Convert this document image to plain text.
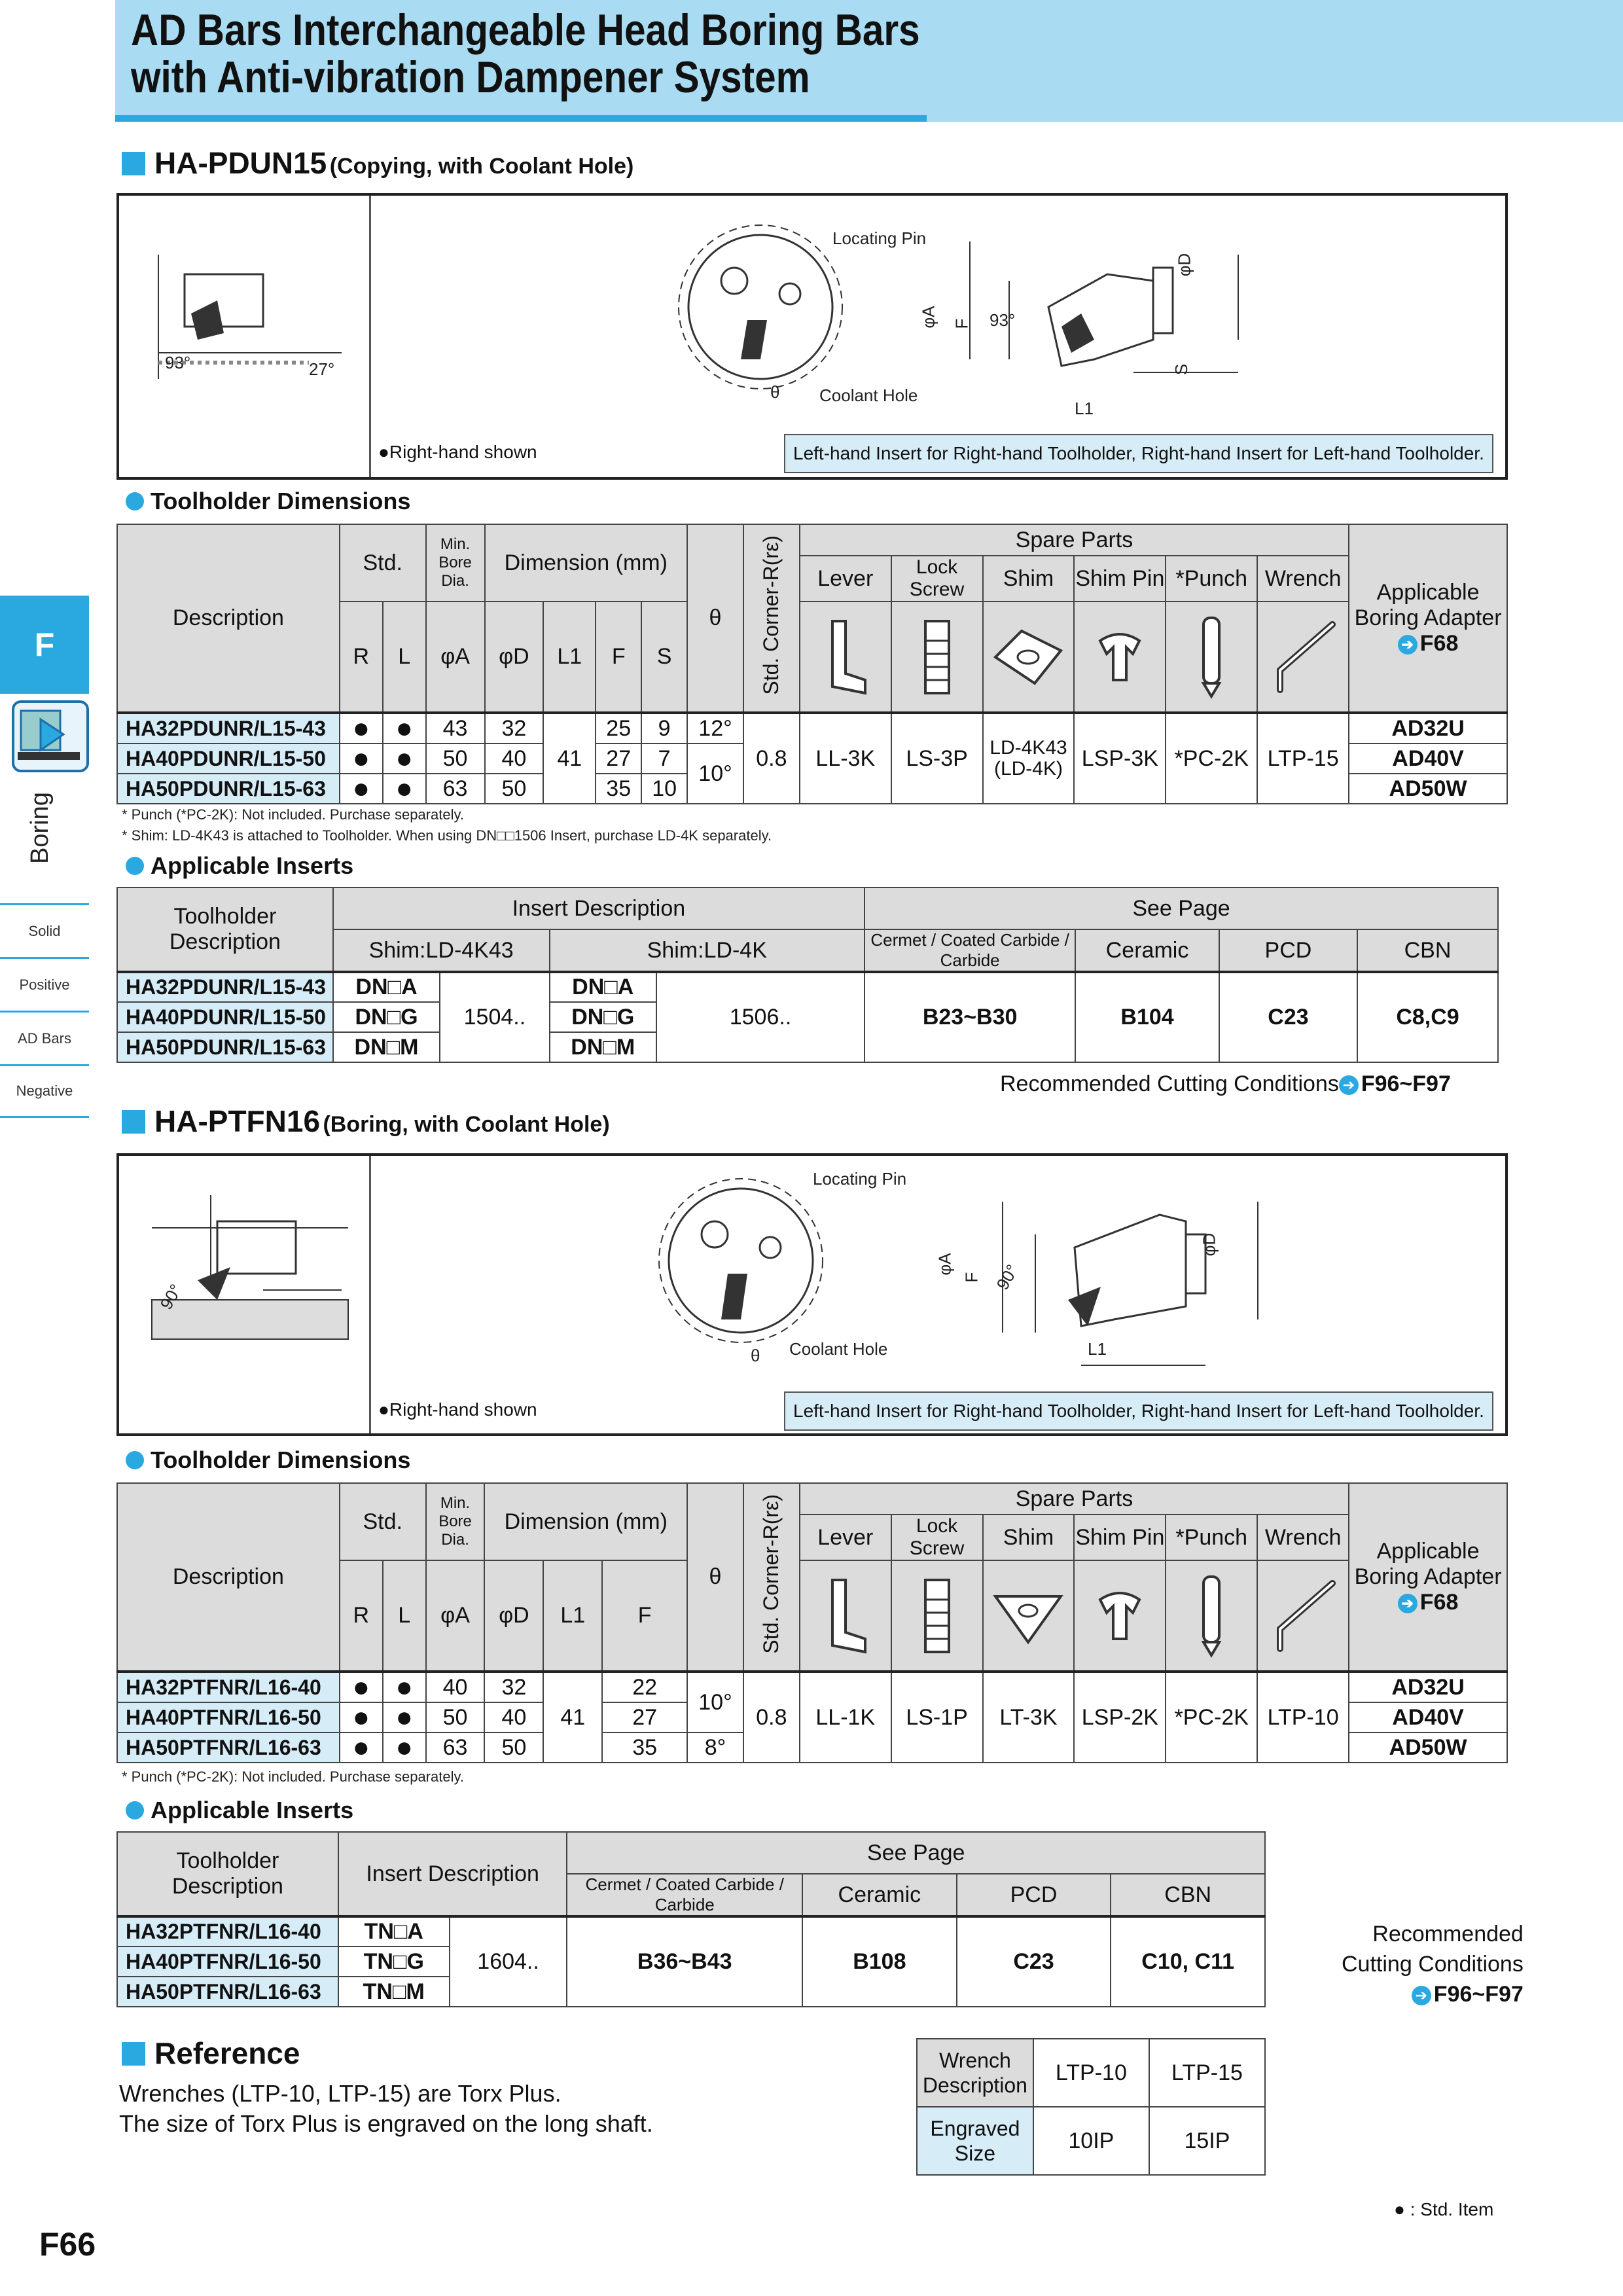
AD Bars Interchangeable Head Boring Bars
with Anti-vibration Dampener System
F
Boring
Solid
Positive
AD Bars
Negative
HA-PDUN15 (Copying, with Coolant Hole)
93°	27°
Locating Pin
Coolant Hole
θ
φA F 93°
φD
S
L1
●Right-hand shown	Left-hand Insert for Right-hand Toolholder, Right-hand Insert for Left-hand Toolholder.
Toolholder Dimensions
Description	Std.		Min. Bore Dia.	Dimension (mm)				θ	Std. Corner-R(rε)	Spare Parts						Applicable Boring Adapter
➔ F68

										Lever	Lock Screw	Shim	Shim Pin	*Punch	Wrench	
	R	L	φA	φD	L1	F	S	

HA32PDUNR/L15-43	●	●	43	32	41	25	9	12°	0.8	LL-3K	LS-3P	LD-4K43 (LD-4K)	LSP-3K	*PC-2K	LTP-15	AD32U
HA40PDUNR/L15-50	●	●	50	40		27	7	10°								AD40V
HA50PDUNR/L15-63	●	●	63	50		35	10									AD50W
* Punch (*PC-2K): Not included. Purchase separately.
* Shim: LD-4K43 is attached to Toolholder. When using DN□□1506 Insert, purchase LD-4K separately.
Applicable Inserts
Toolholder Description	Insert Description				See Page			
	Shim:LD-4K43		Shim:LD-4K		Cermet / Coated Carbide / Carbide	Ceramic	PCD	CBN
HA32PDUNR/L15-43	DN□A	1504..	DN□A	1506..	B23~B30	B104	C23	C8,C9
HA40PDUNR/L15-50	DN□G		DN□G					
HA50PDUNR/L15-63	DN□M		DN□M					
Recommended Cutting Conditions ➔ F96~F97
HA-PTFN16 (Boring, with Coolant Hole)
90°
Locating Pin
Coolant Hole
θ
φA
F 90°
φD
L1
●Right-hand shown	Left-hand Insert for Right-hand Toolholder, Right-hand Insert for Left-hand Toolholder.
Toolholder Dimensions
Description	Std.		Min. Bore Dia.	Dimension (mm)			θ	Std. Corner-R(rε)	Spare Parts						Applicable Boring Adapter
➔ F68

									Lever	Lock Screw	Shim	Shim Pin	*Punch	Wrench	
	R	L	φA	φD	L1	F	

HA32PTFNR/L16-40	●	●	40	32	41	22	10°	0.8	LL-1K	LS-1P	LT-3K	LSP-2K	*PC-2K	LTP-10	AD32U
HA40PTFNR/L16-50	●	●	50	40		27									AD40V
HA50PTFNR/L16-63	●	●	63	50		35	8°								AD50W
* Punch (*PC-2K): Not included. Purchase separately.
Applicable Inserts
Toolholder Description	Insert Description		See Page			
			Cermet / Coated Carbide / Carbide	Ceramic	PCD	CBN
HA32PTFNR/L16-40	TN□A	1604..	B36~B43	B108	C23	C10, C11
HA40PTFNR/L16-50	TN□G					
HA50PTFNR/L16-63	TN□M					
Recommended
Cutting Conditions
➔ F96~F97
Reference
Wrenches (LTP-10, LTP-15) are Torx Plus.
The size of Torx Plus is engraved on the long shaft.
Wrench Description	LTP-10	LTP-15
Engraved Size	10IP	15IP
● : Std. Item
F66
